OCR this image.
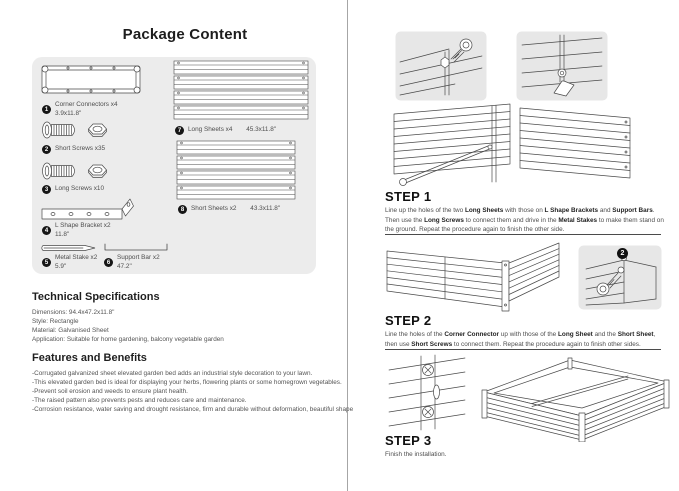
Package Content
1
Corner Connectors x4
3.9x11.8"
2	Short Screws x35
3	Long Screws x10
4
L Shape Bracket x2
11.8"
5
Metal Stake x2
5.9"	6
Support Bar x2
47.2"
7	Long Sheets x4 45.3x11.8"
8	Short Sheets x2 43.3x11.8"
Technical Specifications
Dimensions: 94.4x47.2x11.8"
Style: Rectangle
Material: Galvanised Sheet
Application: Suitable for home gardening, balcony vegetable garden
Features and Benefits
-Corrugated galvanized sheet elevated garden bed adds an industrial style decoration to your lawn.
-This elevated garden bed is ideal for displaying your herbs, flowering plants or some homegrown vegetables.
-Prevent soil erosion and weeds to ensure plant health.
-The raised pattern also prevents pests and reduces care and maintenance.
-Corrosion resistance, water saving and drought resistance, firm and durable without deformation, beautiful shape
STEP 1
Line up the holes of the two Long Sheets with those on L Shape Brackets and Support Bars. Then use the Long Screws to connect them and drive in the Metal Stakes to make them stand on the ground. Repeat the procedure again to finish the other side.
2
STEP 2
Line the holes of the Corner Connector up with those of the Long Sheet and the Short Sheet, then use Short Screws to connect them. Repeat the procedure again to finish other sides.
STEP 3
Finish the installation.
